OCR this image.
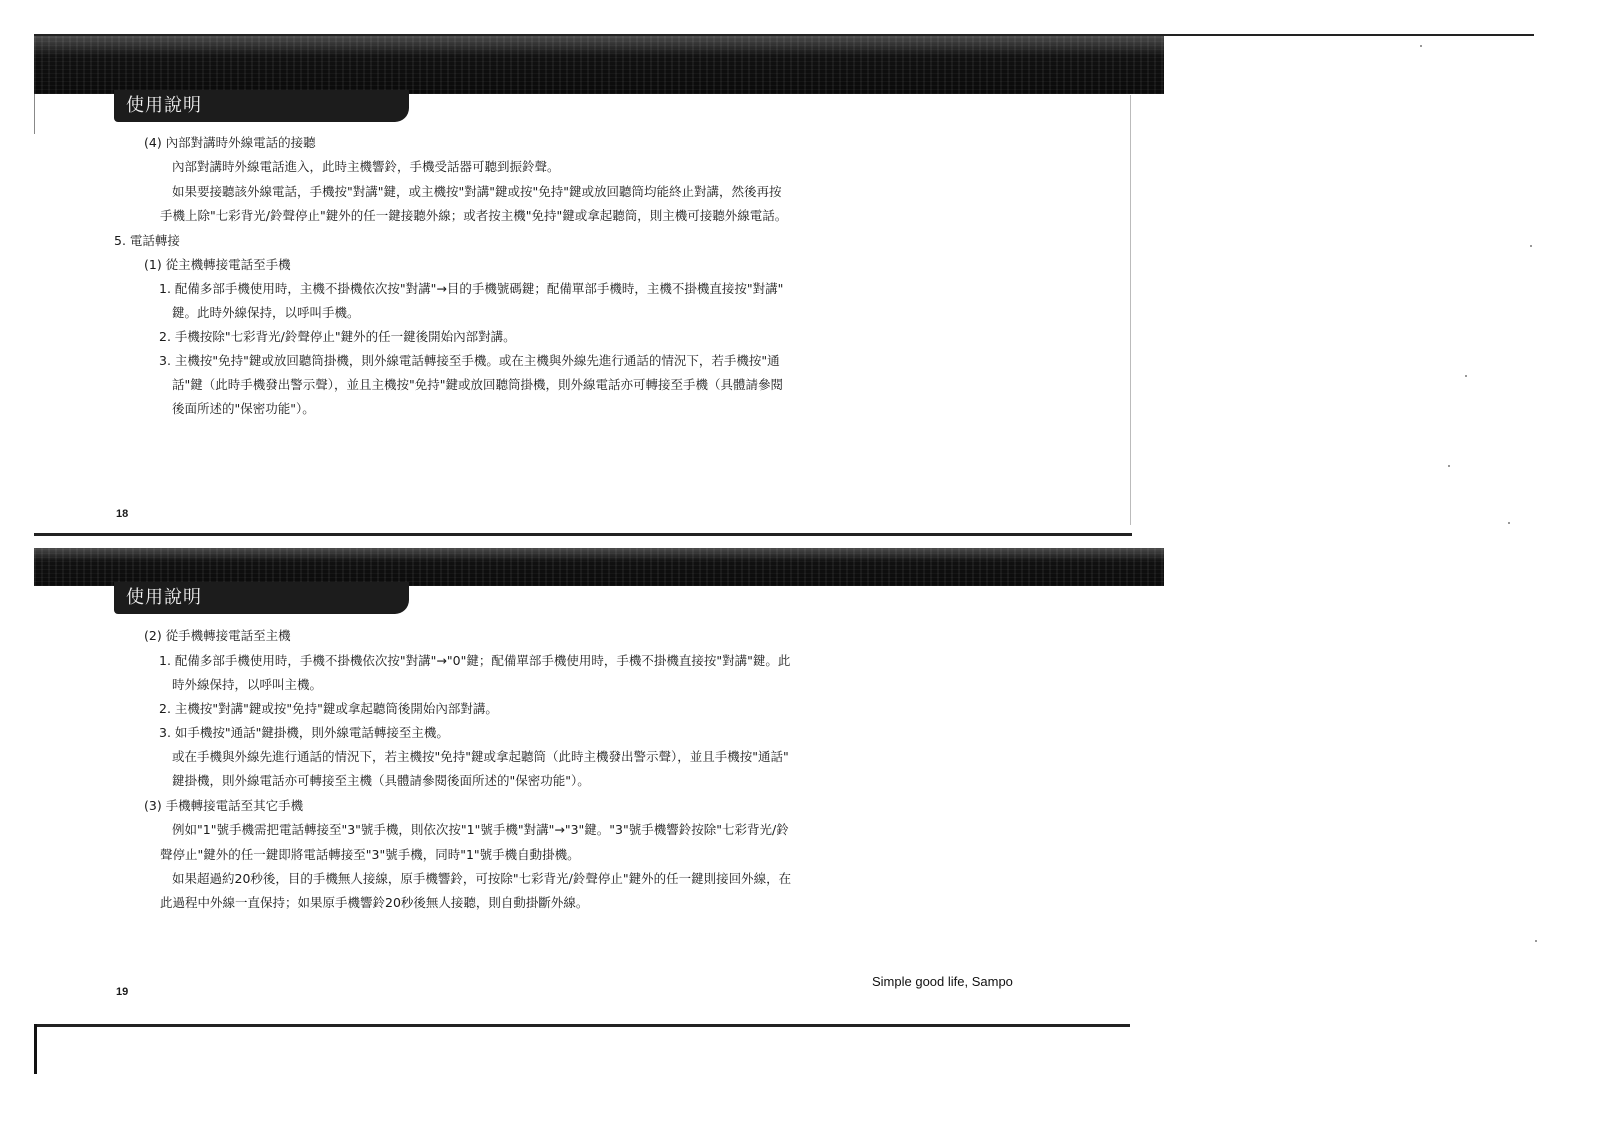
使用說明
(4) 內部對講時外線電話的接聽
內部對講時外線電話進入，此時主機響鈴，手機受話器可聽到振鈴聲。
如果要接聽該外線電話，手機按"對講"鍵，或主機按"對講"鍵或按"免持"鍵或放回聽筒均能終止對講，然後再按
手機上除"七彩背光/鈴聲停止"鍵外的任一鍵接聽外線；或者按主機"免持"鍵或拿起聽筒，則主機可接聽外線電話。
5. 電話轉接
(1) 從主機轉接電話至手機
1. 配備多部手機使用時，主機不掛機依次按"對講"→目的手機號碼鍵；配備單部手機時，主機不掛機直接按"對講"
鍵。此時外線保持，以呼叫手機。
2. 手機按除"七彩背光/鈴聲停止"鍵外的任一鍵後開始內部對講。
3. 主機按"免持"鍵或放回聽筒掛機，則外線電話轉接至手機。或在主機與外線先進行通話的情況下，若手機按"通
話"鍵（此時手機發出警示聲），並且主機按"免持"鍵或放回聽筒掛機，則外線電話亦可轉接至手機（具體請參閱
後面所述的"保密功能"）。
18
使用說明
(2) 從手機轉接電話至主機
1. 配備多部手機使用時，手機不掛機依次按"對講"→"0"鍵；配備單部手機使用時，手機不掛機直接按"對講"鍵。此
時外線保持，以呼叫主機。
2. 主機按"對講"鍵或按"免持"鍵或拿起聽筒後開始內部對講。
3. 如手機按"通話"鍵掛機，則外線電話轉接至主機。
或在手機與外線先進行通話的情況下，若主機按"免持"鍵或拿起聽筒（此時主機發出警示聲），並且手機按"通話"
鍵掛機，則外線電話亦可轉接至主機（具體請參閱後面所述的"保密功能"）。
(3) 手機轉接電話至其它手機
例如"1"號手機需把電話轉接至"3"號手機，則依次按"1"號手機"對講"→"3"鍵。"3"號手機響鈴按除"七彩背光/鈴
聲停止"鍵外的任一鍵即將電話轉接至"3"號手機，同時"1"號手機自動掛機。
如果超過約20秒後，目的手機無人接線，原手機響鈴，可按除"七彩背光/鈴聲停止"鍵外的任一鍵則接回外線，在
此過程中外線一直保持；如果原手機響鈴20秒後無人接聽，則自動掛斷外線。
19
Simple good life, Sampo
